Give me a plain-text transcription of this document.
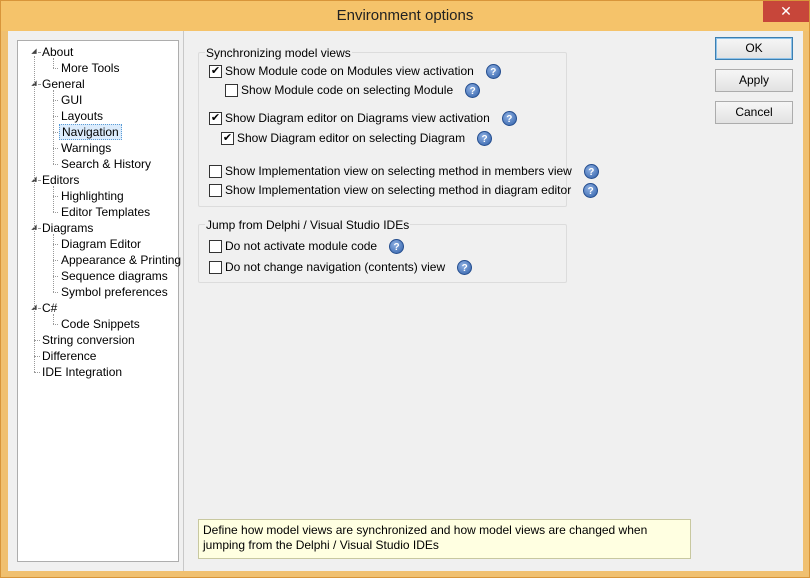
Environment options	✕
About
◢
More Tools
General
◢
GUI
Layouts
Navigation
Warnings
Search & History
Editors
◢
Highlighting
Editor Templates
Diagrams
◢
Diagram Editor
Appearance & Printing
Sequence diagrams
Symbol preferences
C#
◢
Code Snippets
String conversion
Difference
IDE Integration
Synchronizing model views
✔
Show Module code on Modules view activation	?
Show Module code on selecting Module	?
✔
Show Diagram editor on Diagrams view activation	?
✔
Show Diagram editor on selecting Diagram	?
Show Implementation view on selecting method in members view	?
Show Implementation view on selecting method in diagram editor	?
Jump from Delphi / Visual Studio IDEs
Do not activate module code	?
Do not change navigation (contents) view	?
Define how model views are synchronized and how model views are changed when jumping from the Delphi / Visual Studio IDEs
OK
Apply
Cancel
